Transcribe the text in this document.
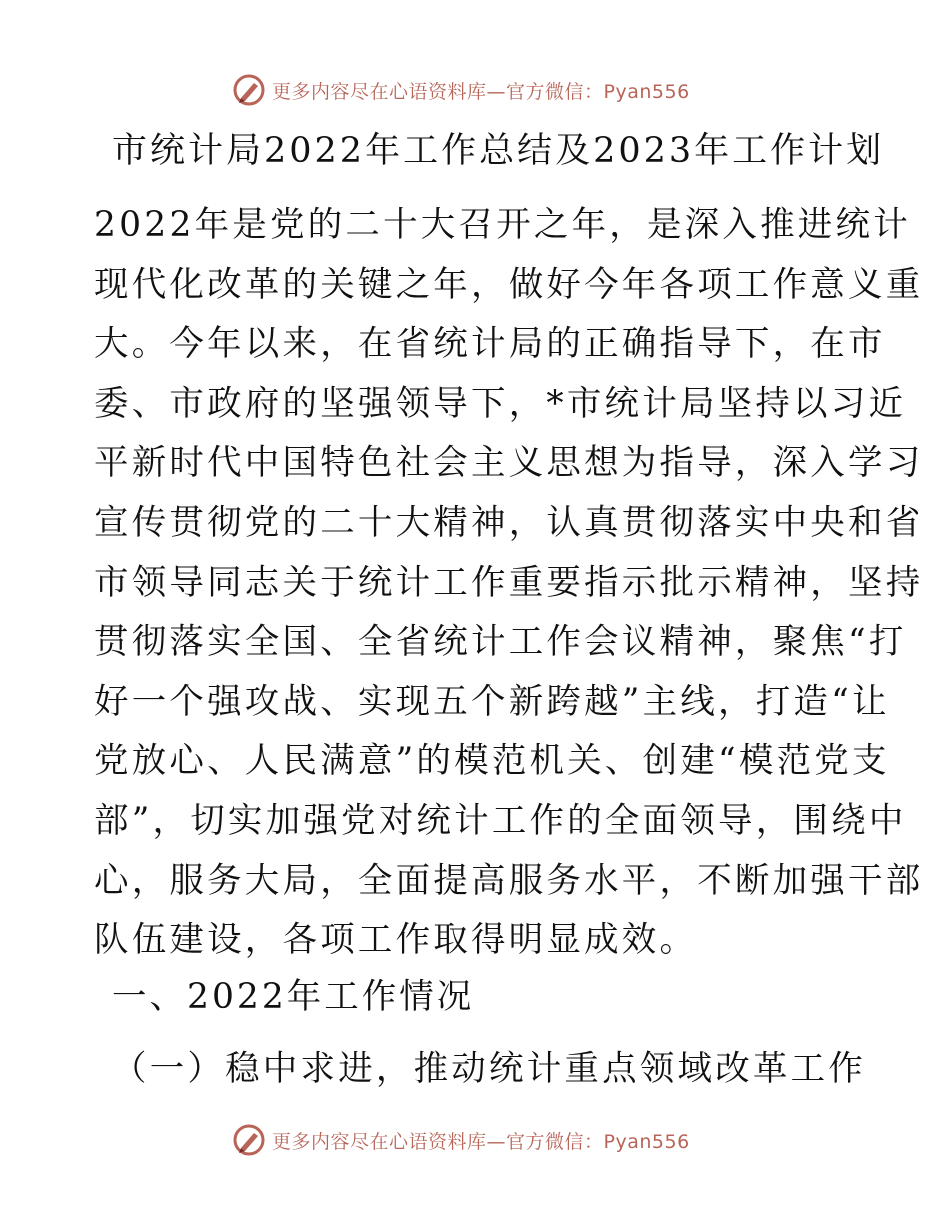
更多内容尽在心语资料库—官方微信：Pyan556
市统计局2022年工作总结及2023年工作计划
2022年是党的二十大召开之年，是深入推进统计
现代化改革的关键之年，做好今年各项工作意义重
大。今年以来，在省统计局的正确指导下，在市
委、市政府的坚强领导下，*市统计局坚持以习近
平新时代中国特色社会主义思想为指导，深入学习
宣传贯彻党的二十大精神，认真贯彻落实中央和省
市领导同志关于统计工作重要指示批示精神，坚持
贯彻落实全国、全省统计工作会议精神，聚焦“打
好一个强攻战、实现五个新跨越”主线，打造“让
党放心、人民满意”的模范机关、创建“模范党支
部”，切实加强党对统计工作的全面领导，围绕中
心，服务大局，全面提高服务水平，不断加强干部
队伍建设，各项工作取得明显成效。
一、2022年工作情况
（一）稳中求进，推动统计重点领域改革工作
更多内容尽在心语资料库—官方微信：Pyan556
